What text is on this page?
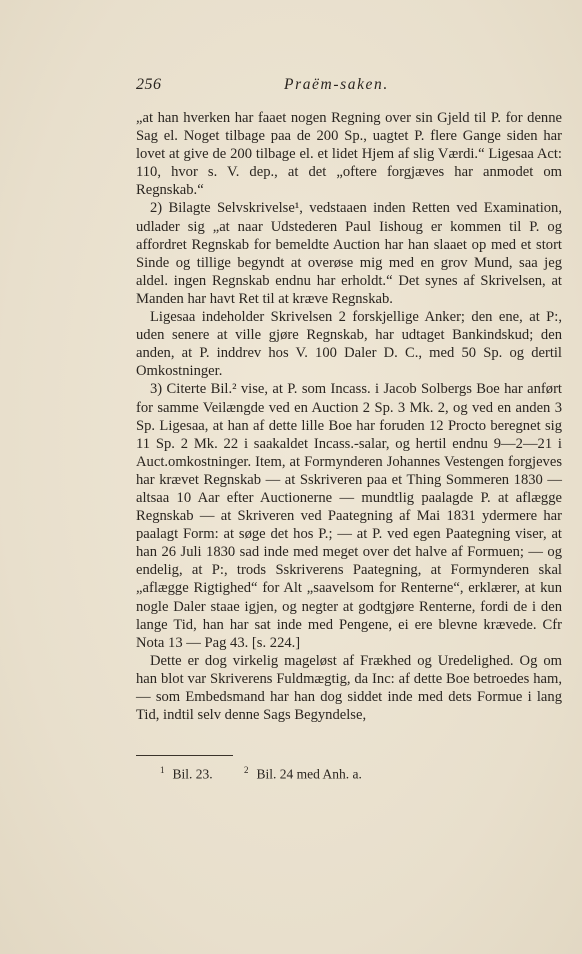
256	Praëm-saken.

„at han hverken har faaet nogen Regning over sin Gjeld til P. for denne Sag el. Noget tilbage paa de 200 Sp., uagtet P. flere Gange siden har lovet at give de 200 tilbage el. et lidet Hjem af slig Værdi.“ Ligesaa Act: 110, hvor s. V. dep., at det „oftere forgjæves har anmodet om Regnskab.“

2) Bilagte Selvskrivelse¹, vedstaaen inden Retten ved Examination, udlader sig „at naar Udstederen Paul Iishoug er kommen til P. og affordret Regnskab for bemeldte Auction har han slaaet op med et stort Sinde og tillige begyndt at overøse mig med en grov Mund, saa jeg aldel. ingen Regnskab endnu har erholdt.“ Det synes af Skrivelsen, at Manden har havt Ret til at kræve Regnskab.

Ligesaa indeholder Skrivelsen 2 forskjellige Anker; den ene, at P:, uden senere at ville gjøre Regnskab, har udtaget Bankindskud; den anden, at P. inddrev hos V. 100 Daler D. C., med 50 Sp. og dertil Omkostninger.

3) Citerte Bil.² vise, at P. som Incass. i Jacob Solbergs Boe har anført for samme Veilængde ved en Auction 2 Sp. 3 Mk. 2, og ved en anden 3 Sp. Ligesaa, at han af dette lille Boe har foruden 12 Procto beregnet sig 11 Sp. 2 Mk. 22 i saakaldet Incass.-salar, og hertil endnu 9—2—21 i Auct.omkostninger. Item, at Formynderen Johannes Vestengen forgjeves har krævet Regnskab — at Sskriveren paa et Thing Sommeren 1830 — altsaa 10 Aar efter Auctionerne — mundtlig paalagde P. at aflægge Regnskab — at Skriveren ved Paategning af Mai 1831 ydermere har paalagt Form: at søge det hos P.; — at P. ved egen Paategning viser, at han 26 Juli 1830 sad inde med meget over det halve af Formuen; — og endelig, at P:, trods Sskriverens Paategning, at Formynderen skal „aflægge Rigtighed“ for Alt „saavelsom for Renterne“, erklærer, at kun nogle Daler staae igjen, og negter at godtgjøre Renterne, fordi de i den lange Tid, han har sat inde med Pengene, ei ere blevne krævede. Cfr Nota 13 — Pag 43. [s. 224.]

Dette er dog virkelig mageløst af Frækhed og Uredelighed. Og om han blot var Skriverens Fuldmægtig, da Inc: af dette Boe betroedes ham, — som Embedsmand har han dog siddet inde med dets Formue i lang Tid, indtil selv denne Sags Begyndelse,

$^1$ Bil. 23.	$^2$ Bil. 24 med Anh. a.
